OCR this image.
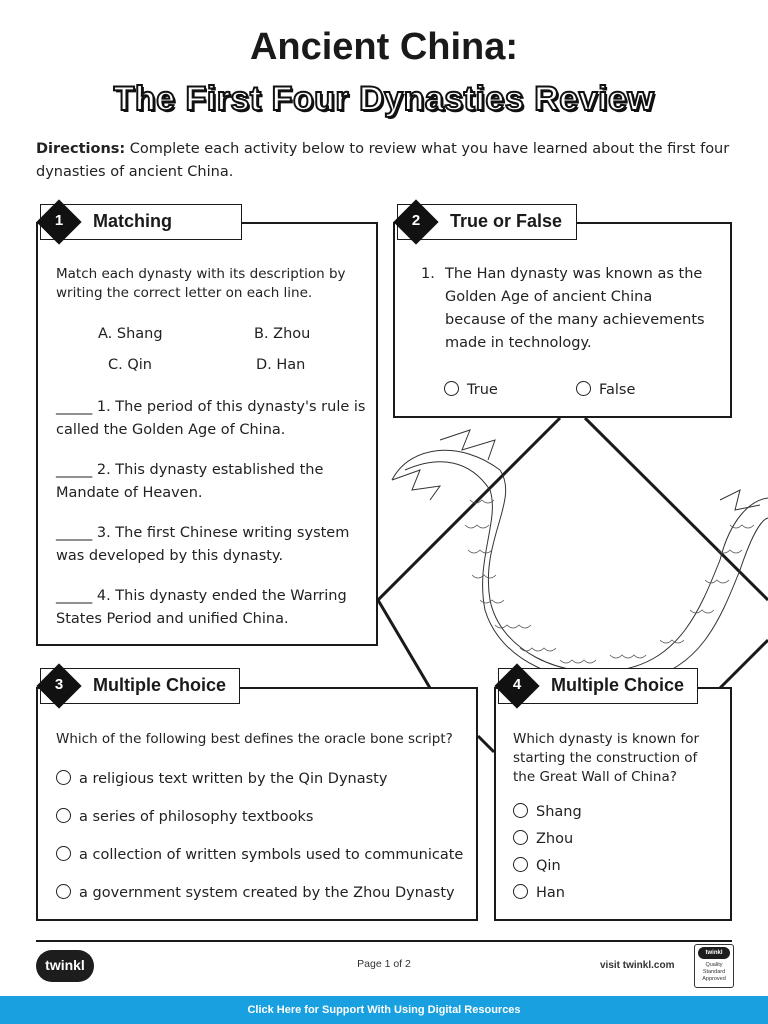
Ancient China:
The First Four Dynasties Review
Directions: Complete each activity below to review what you have learned about the first four dynasties of ancient China.
Matching
1
Match each dynasty with its description by writing the correct letter on each line.
A. Shang	B. Zhou
C. Qin	D. Han
_____ 1. The period of this dynasty's rule is called the Golden Age of China.
_____ 2. This dynasty established the Mandate of Heaven.
_____ 3. The first Chinese writing system was developed by this dynasty.
_____ 4. This dynasty ended the Warring States Period and unified China.
True or False
2
1. The Han dynasty was known as the Golden Age of ancient China because of the many achievements made in technology.
True	False
Multiple Choice
3
Which of the following best defines the oracle bone script?
a religious text written by the Qin Dynasty
a series of philosophy textbooks
a collection of written symbols used to communicate
a government system created by the Zhou Dynasty
Multiple Choice
4
Which dynasty is known for starting the construction of the Great Wall of China?
Shang
Zhou
Qin
Han
twinkl	Page 1 of 2	visit twinkl.com
twinkl
Quality Standard Approved
Click Here for Support With Using Digital Resources
